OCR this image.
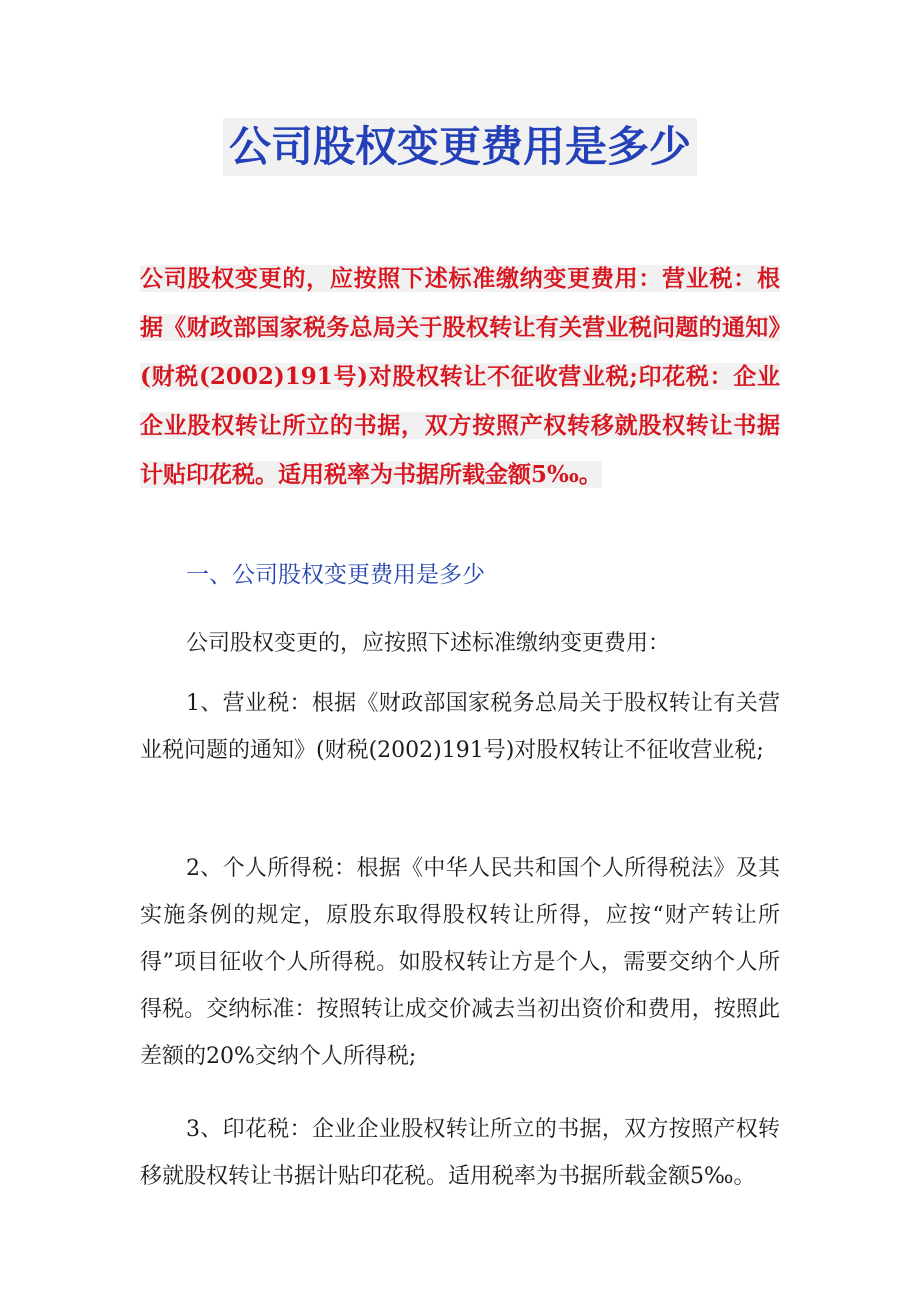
公司股权变更费用是多少
公司股权变更的，应按照下述标准缴纳变更费用：营业税：根据《财政部国家税务总局关于股权转让有关营业税问题的通知》(财税(2002)191号)对股权转让不征收营业税;印花税：企业企业股权转让所立的书据，双方按照产权转移就股权转让书据计贴印花税。适用税率为书据所载金额5‰。
一、公司股权变更费用是多少
公司股权变更的，应按照下述标准缴纳变更费用：
1、营业税：根据《财政部国家税务总局关于股权转让有关营业税问题的通知》(财税(2002)191号)对股权转让不征收营业税;
2、个人所得税：根据《中华人民共和国个人所得税法》及其实施条例的规定，原股东取得股权转让所得，应按“财产转让所得”项目征收个人所得税。如股权转让方是个人，需要交纳个人所得税。交纳标准：按照转让成交价减去当初出资价和费用，按照此差额的20%交纳个人所得税;
3、印花税：企业企业股权转让所立的书据，双方按照产权转移就股权转让书据计贴印花税。适用税率为书据所载金额5‰。
